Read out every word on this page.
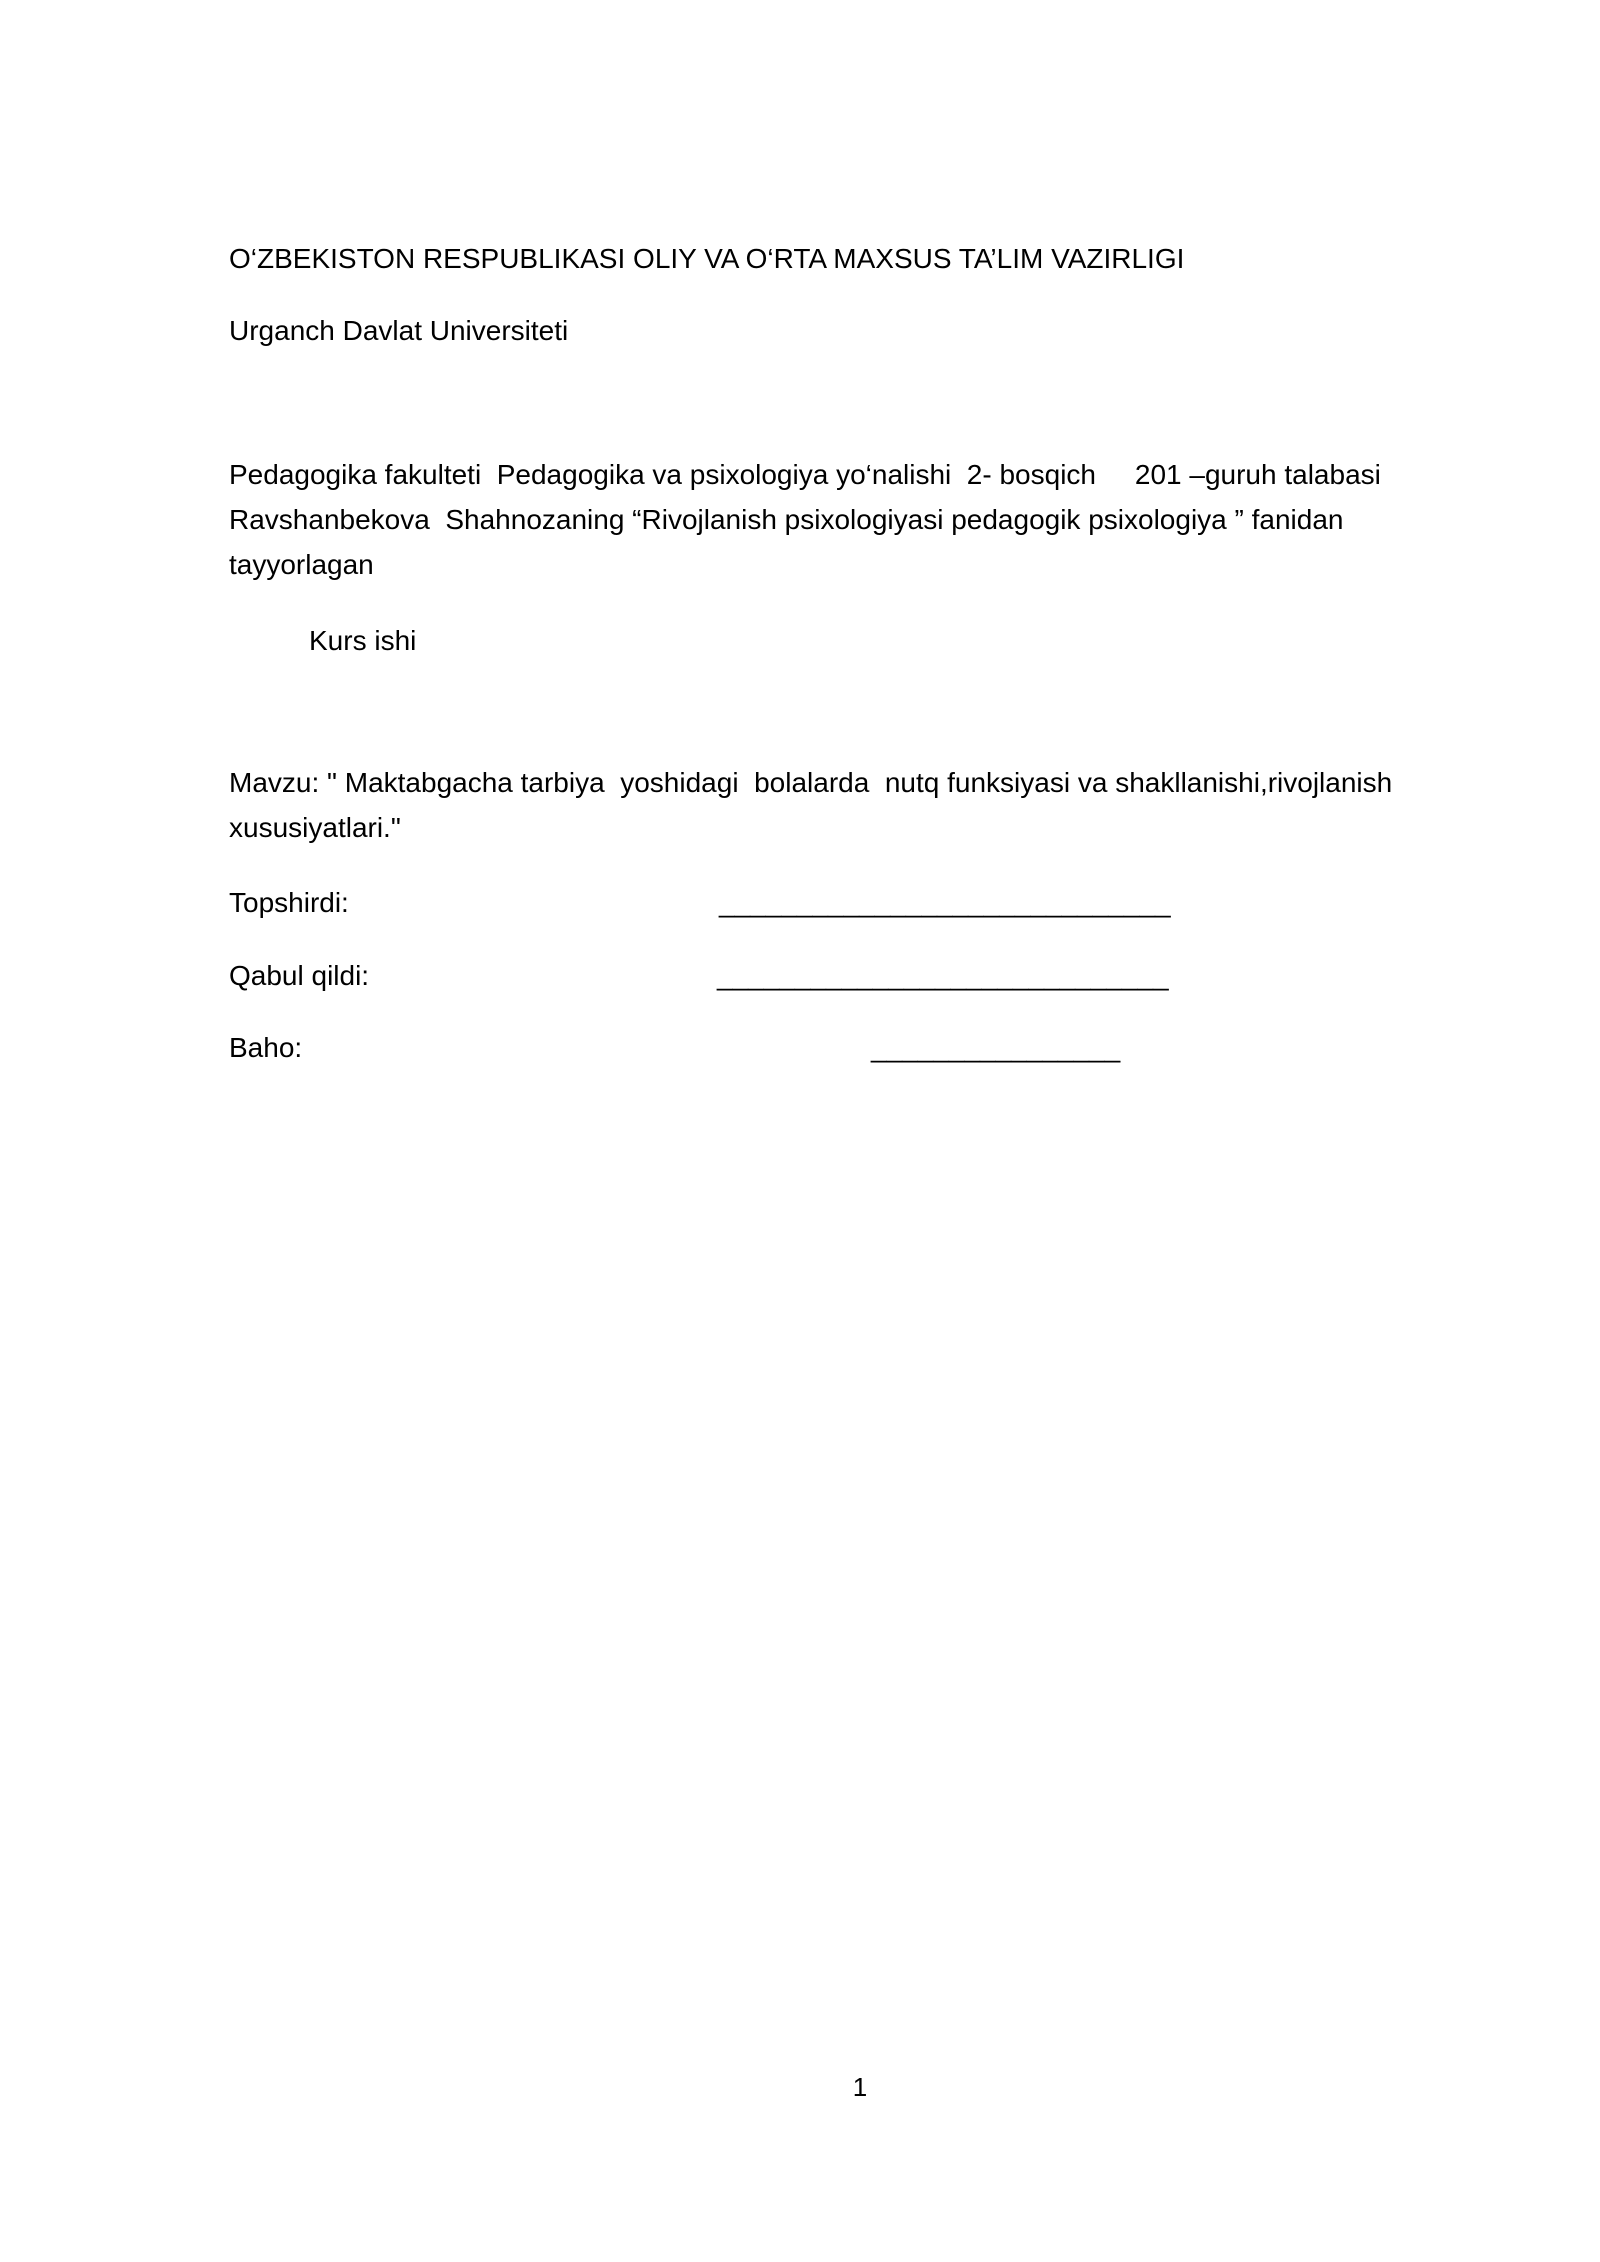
O‘ZBEKISTON RESPUBLIKASI OLIY VA O‘RTA MAXSUS TA’LIM VAZIRLIGI
Urganch Davlat Universiteti
Pedagogika fakulteti  Pedagogika va psixologiya yo‘nalishi  2- bosqich     201 –guruh talabasi Ravshanbekova  Shahnozaning “Rivojlanish psixologiyasi pedagogik psixologiya ” fanidan tayyorlagan
Kurs ishi
Mavzu: " Maktabgacha tarbiya  yoshidagi  bolalarda  nutq funksiyasi va shakllanishi,rivojlanish xususiyatlari."
Topshirdi:	_____________________________
Qabul qildi:	_____________________________
Baho:	________________
1
